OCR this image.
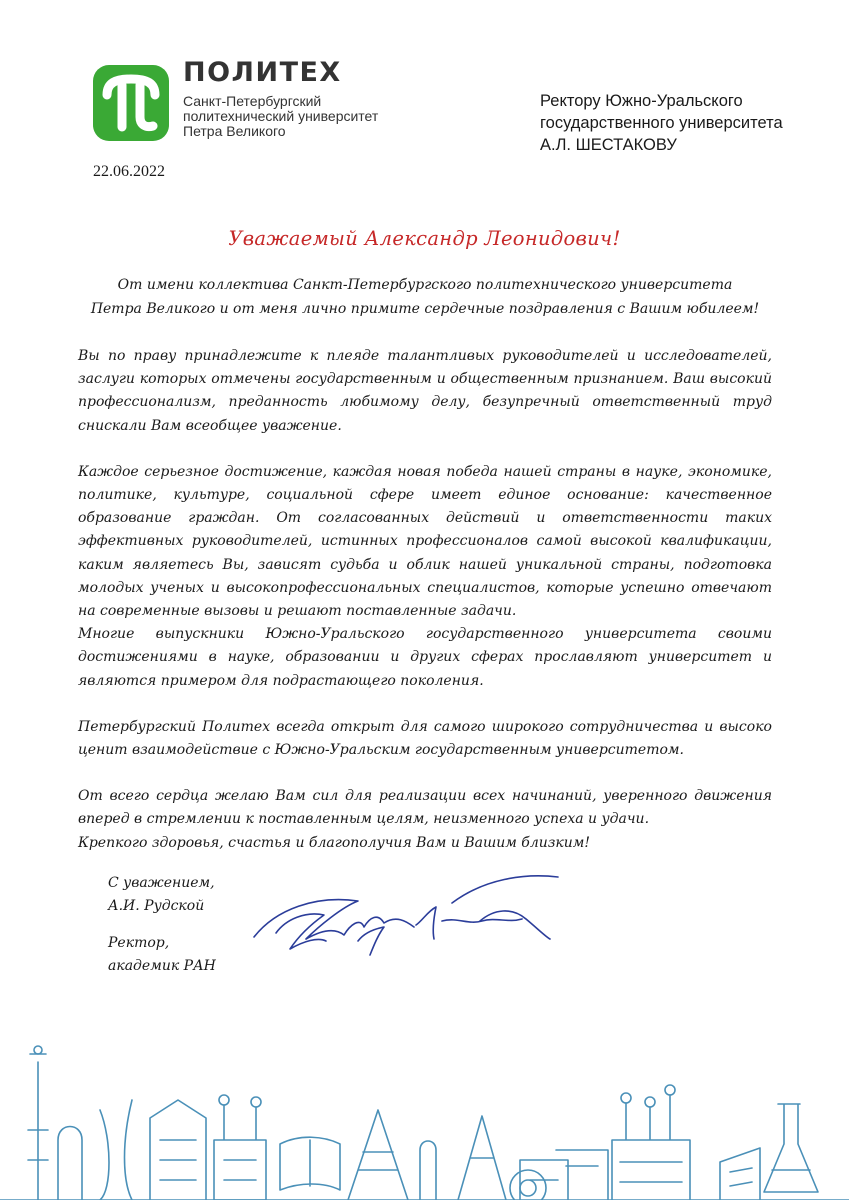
ПОЛИТЕХ
Санкт-Петербургский
политехнический университет
Петра Великого
22.06.2022
Ректору Южно-Уральского
государственного университета
А.Л. ШЕСТАКОВУ
Уважаемый Александр Леонидович!
От имени коллектива Санкт-Петербургского политехнического университета
Петра Великого и от меня лично примите сердечные поздравления с Вашим юбилеем!

Вы по праву принадлежите к плеяде талантливых руководителей и исследователей, заслуги которых отмечены государственным и общественным признанием. Ваш высокий профессионализм, преданность любимому делу, безупречный ответственный труд снискали Вам всеобщее уважение.

Каждое серьезное достижение, каждая новая победа нашей страны в науке, экономике, политике, культуре, социальной сфере имеет единое основание: качественное образование граждан. От согласованных действий и ответственности таких эффективных руководителей, истинных профессионалов самой высокой квалификации, каким являетесь Вы, зависят судьба и облик нашей уникальной страны, подготовка молодых ученых и высокопрофессиональных специалистов, которые успешно отвечают на современные вызовы и решают поставленные задачи.

Многие выпускники Южно-Уральского государственного университета своими достижениями в науке, образовании и других сферах прославляют университет и являются примером для подрастающего поколения.

Петербургский Политех всегда открыт для самого широкого сотрудничества и высоко ценит взаимодействие с Южно-Уральским государственным университетом.

От всего сердца желаю Вам сил для реализации всех начинаний, уверенного движения вперед в стремлении к поставленным целям, неизменного успеха и удачи.

Крепкого здоровья, счастья и благополучия Вам и Вашим близким!

С уважением,

А.И. Рудской

Ректор,

академик РАН
